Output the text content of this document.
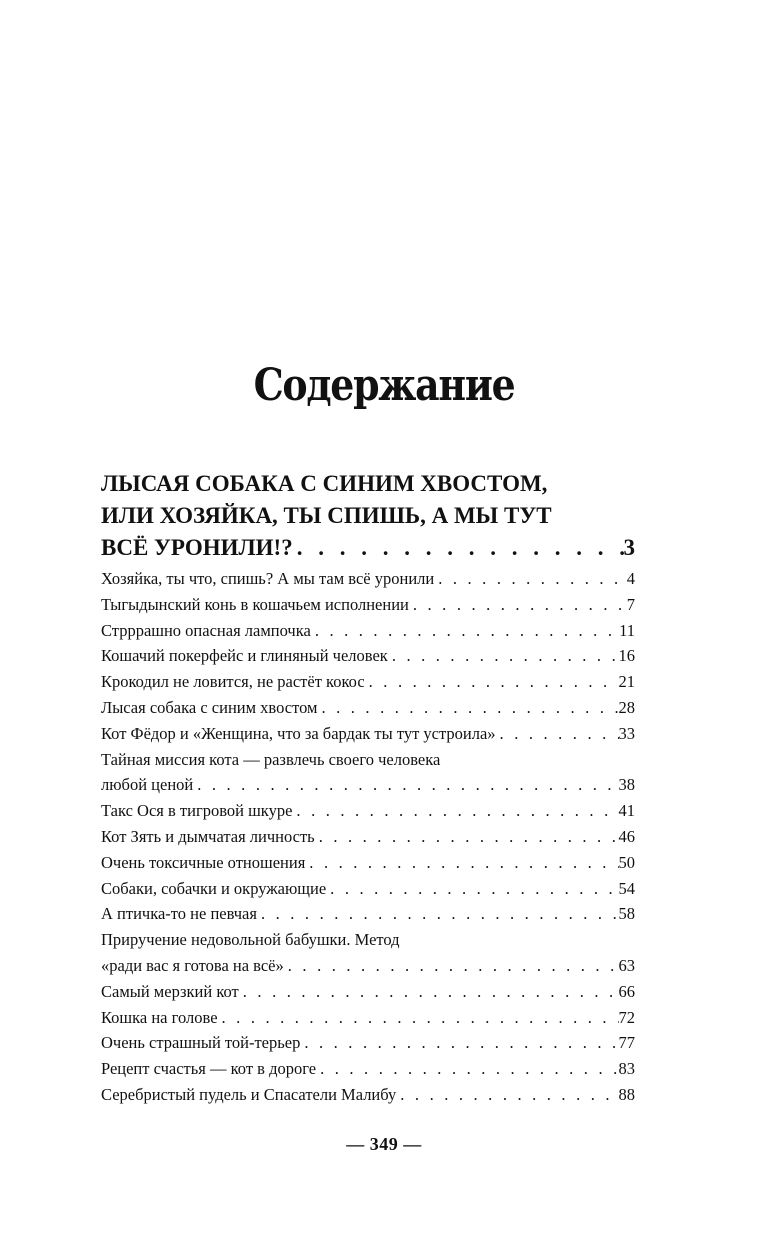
Содержание
ЛЫСАЯ СОБАКА С СИНИМ ХВОСТОМ,
ИЛИ ХОЗЯЙКА, ТЫ СПИШЬ, А МЫ ТУТ
ВСЁ УРОНИЛИ!? . . .	3
Хозяйка, ты что, спишь? А мы там всё уронили . . .	4
Тыгыдынский конь в кошачьем исполнении . . .	7
Стрррашно опасная лампочка . . .	11
Кошачий покерфейс и глиняный человек . . .	16
Крокодил не ловится, не растёт кокос . . .	21
Лысая собака с синим хвостом . . .	28
Кот Фёдор и «Женщина, что за бардак ты тут устроила» . . .	33
Тайная миссия кота — развлечь своего человека
любой ценой . . .	38
Такс Ося в тигровой шкуре . . .	41
Кот Зять и дымчатая личность . . .	46
Очень токсичные отношения . . .	50
Собаки, собачки и окружающие . . .	54
А птичка-то не певчая . . .	58
Приручение недовольной бабушки. Метод
«ради вас я готова на всё» . . .	63
Самый мерзкий кот . . .	66
Кошка на голове . . .	72
Очень страшный той-терьер . . .	77
Рецепт счастья — кот в дороге . . .	83
Серебристый пудель и Спасатели Малибу . . .	88
— 349 —
